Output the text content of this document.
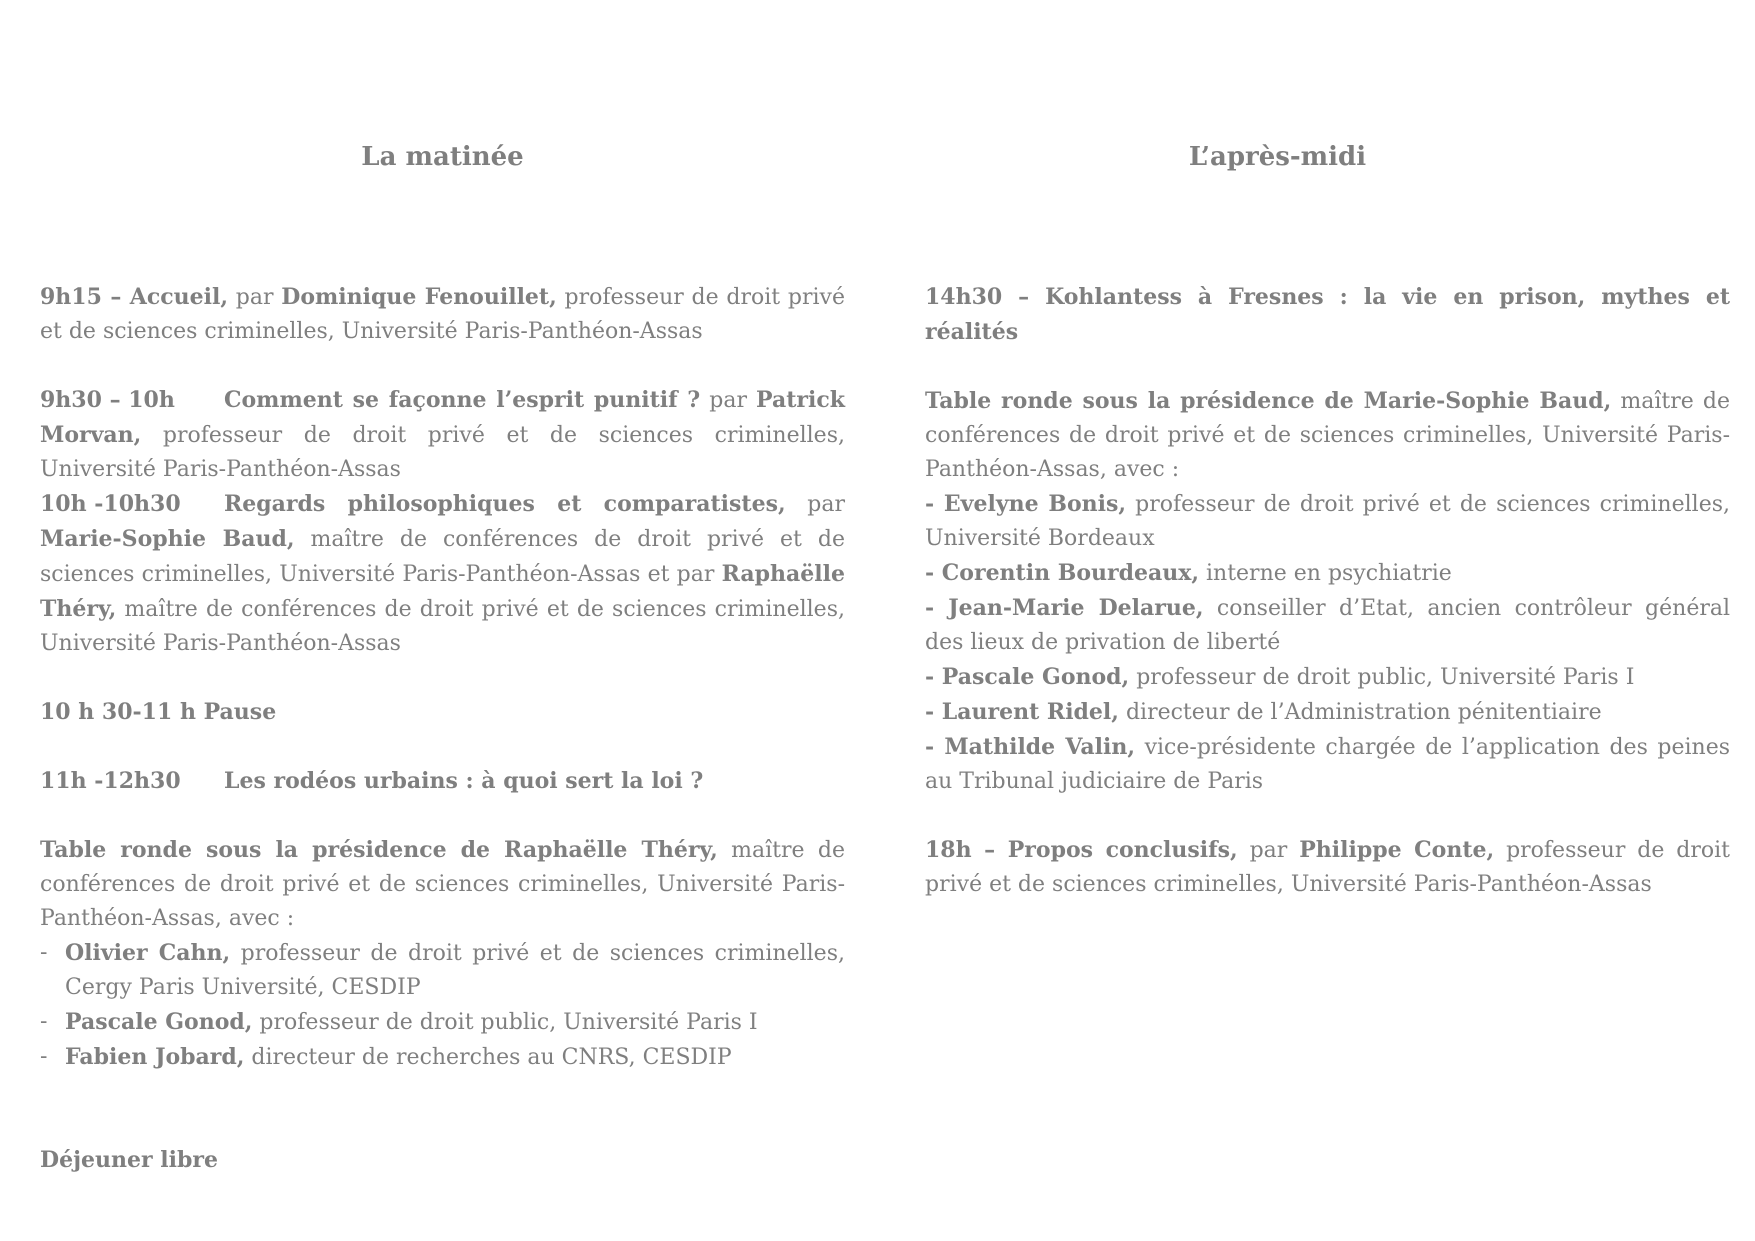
La matinée
9h15 – Accueil, par Dominique Fenouillet, professeur de droit privé et de sciences criminelles, Université Paris-Panthéon-Assas
9h30 – 10h Comment se façonne l’esprit punitif ? par Patrick Morvan, professeur de droit privé et de sciences criminelles, Université Paris-Panthéon-Assas
10h -10h30 Regards philosophiques et comparatistes, par Marie-Sophie Baud, maître de conférences de droit privé et de sciences criminelles, Université Paris-Panthéon-Assas et par Raphaëlle Théry, maître de conférences de droit privé et de sciences criminelles, Université Paris-Panthéon-Assas
10 h 30-11 h Pause
11h -12h30 Les rodéos urbains : à quoi sert la loi ?
Table ronde sous la présidence de Raphaëlle Théry, maître de conférences de droit privé et de sciences criminelles, Université Paris-Panthéon-Assas, avec :
- Olivier Cahn, professeur de droit privé et de sciences criminelles, Cergy Paris Université, CESDIP
- Pascale Gonod, professeur de droit public, Université Paris I
- Fabien Jobard, directeur de recherches au CNRS, CESDIP
Déjeuner libre
L’après-midi
14h30 – Kohlantess à Fresnes : la vie en prison, mythes et réalités
Table ronde sous la présidence de Marie-Sophie Baud, maître de conférences de droit privé et de sciences criminelles, Université Paris-Panthéon-Assas, avec :
- Evelyne Bonis, professeur de droit privé et de sciences criminelles, Université Bordeaux
- Corentin Bourdeaux, interne en psychiatrie
- Jean-Marie Delarue, conseiller d’Etat, ancien contrôleur général des lieux de privation de liberté
- Pascale Gonod, professeur de droit public, Université Paris I
- Laurent Ridel, directeur de l’Administration pénitentiaire
- Mathilde Valin, vice-présidente chargée de l’application des peines au Tribunal judiciaire de Paris
18h – Propos conclusifs, par Philippe Conte, professeur de droit privé et de sciences criminelles, Université Paris-Panthéon-Assas
